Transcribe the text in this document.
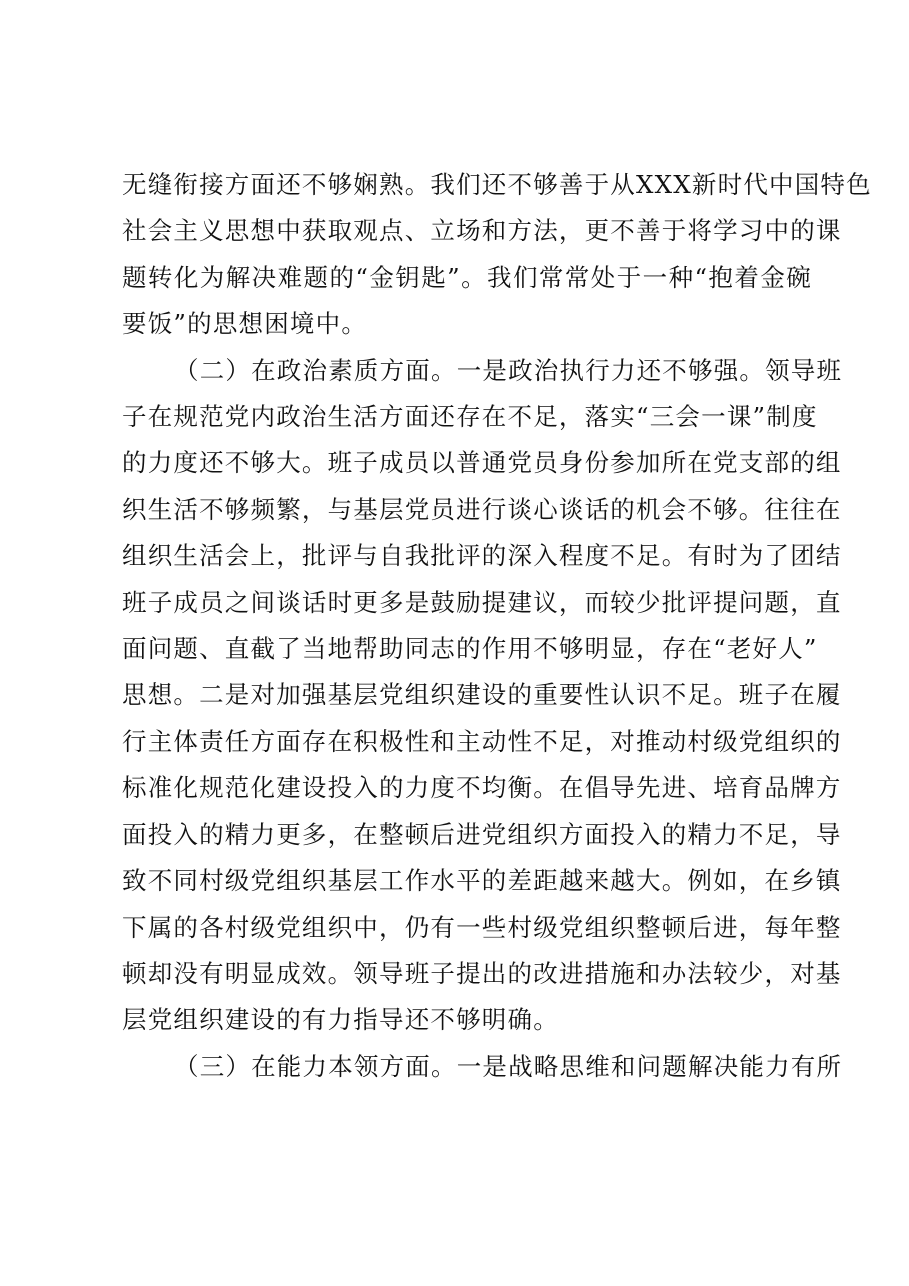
无缝衔接方面还不够娴熟。我们还不够善于从XXX新时代中国特色
社会主义思想中获取观点、立场和方法，更不善于将学习中的课
题转化为解决难题的“金钥匙”。我们常常处于一种“抱着金碗
要饭”的思想困境中。
（二）在政治素质方面。一是政治执行力还不够强。领导班
子在规范党内政治生活方面还存在不足，落实“三会一课”制度
的力度还不够大。班子成员以普通党员身份参加所在党支部的组
织生活不够频繁，与基层党员进行谈心谈话的机会不够。往往在
组织生活会上，批评与自我批评的深入程度不足。有时为了团结
班子成员之间谈话时更多是鼓励提建议，而较少批评提问题，直
面问题、直截了当地帮助同志的作用不够明显，存在“老好人”
思想。二是对加强基层党组织建设的重要性认识不足。班子在履
行主体责任方面存在积极性和主动性不足，对推动村级党组织的
标准化规范化建设投入的力度不均衡。在倡导先进、培育品牌方
面投入的精力更多，在整顿后进党组织方面投入的精力不足，导
致不同村级党组织基层工作水平的差距越来越大。例如，在乡镇
下属的各村级党组织中，仍有一些村级党组织整顿后进，每年整
顿却没有明显成效。领导班子提出的改进措施和办法较少，对基
层党组织建设的有力指导还不够明确。
（三）在能力本领方面。一是战略思维和问题解决能力有所
